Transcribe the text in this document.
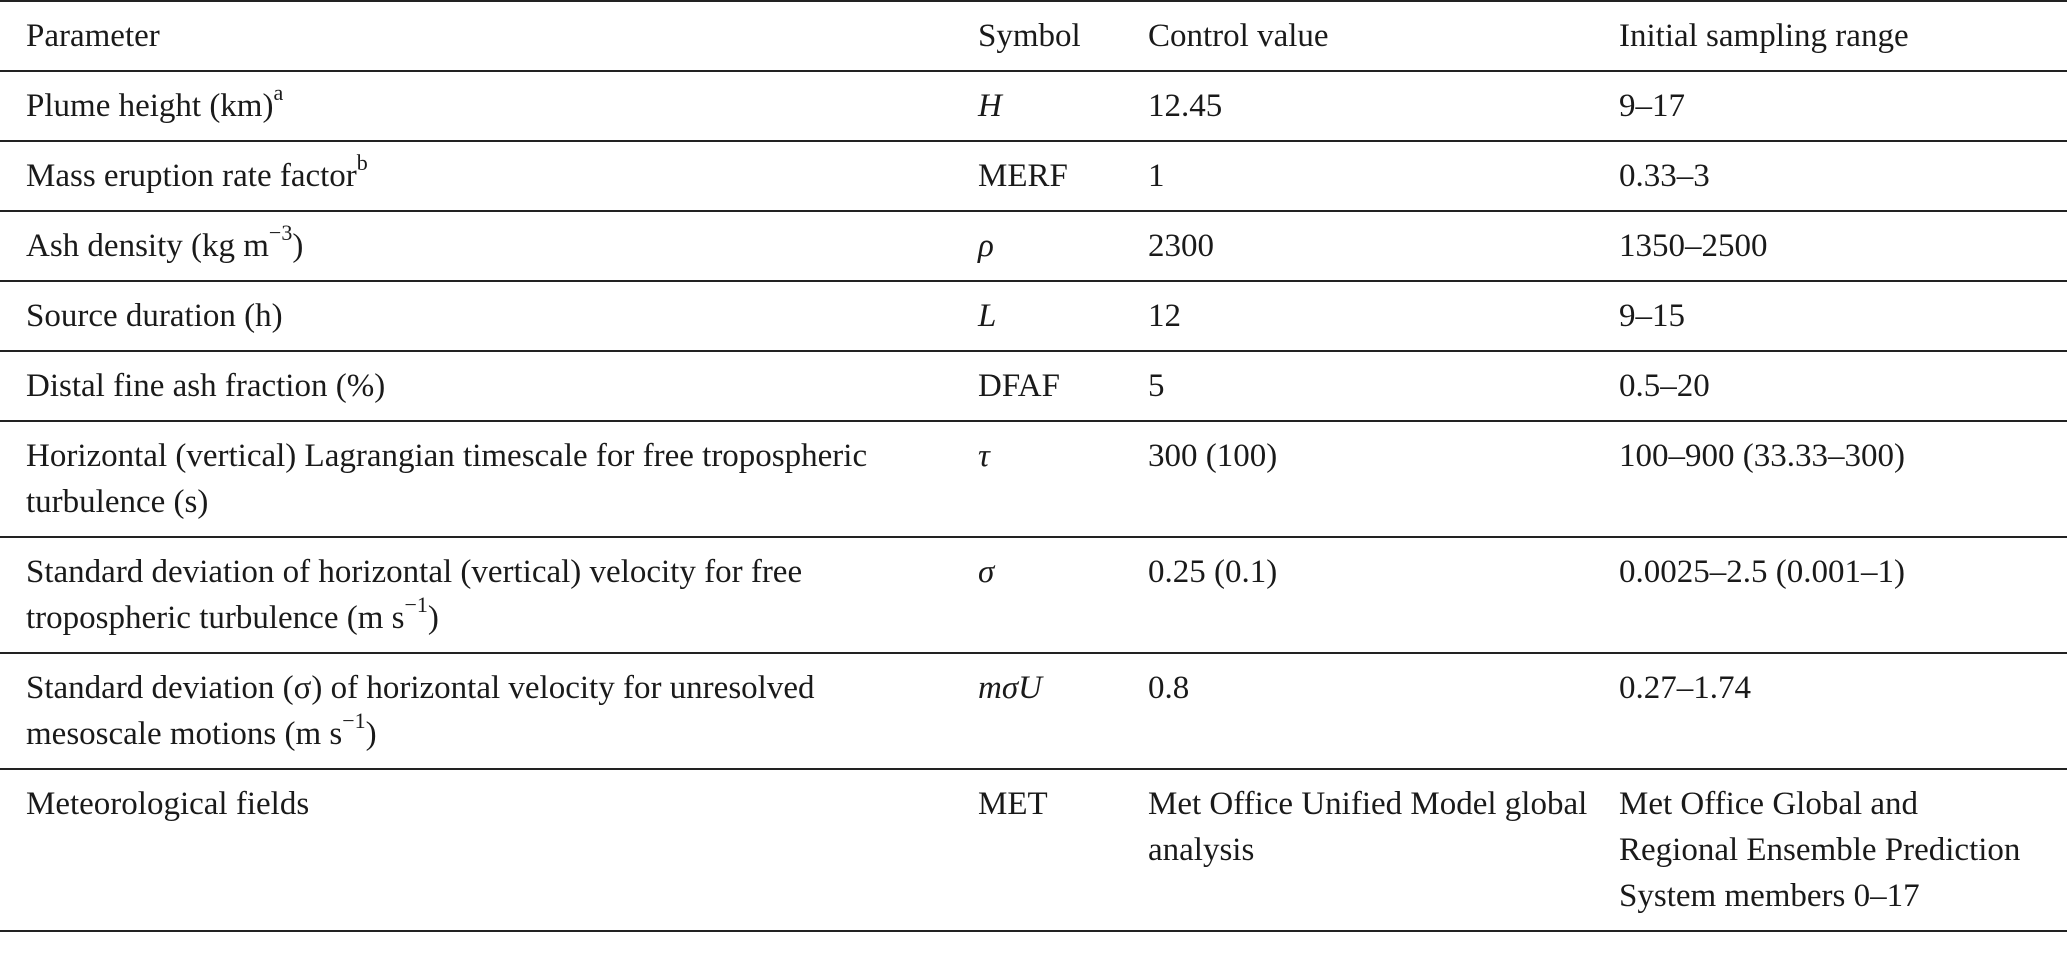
Parameter	Symbol	Control value	Initial sampling range
Plume height (km)$^a$	H	12.45	9–17
Mass eruption rate factor$^b$	MERF	1	0.33–3
Ash density (kg $m^{-3}$)	ρ	2300	1350–2500
Source duration (h)	L	12	9–15
Distal fine ash fraction (%)	DFAF	5	0.5–20
Horizontal (vertical) Lagrangian timescale for free tropospheric turbulence (s)	τ	300 (100)	100–900 (33.33–300)
Standard deviation of horizontal (vertical) velocity for free tropospheric turbulence (m $s^{-1}$)	σ	0.25 (0.1)	0.0025–2.5 (0.001–1)
Standard deviation (σ) of horizontal velocity for unresolved mesoscale motions (m $s^{-1}$)	mσU	0.8	0.27–1.74
Meteorological fields	MET	Met Office Unified Model global analysis	Met Office Global and Regional Ensemble Prediction System members 0–17
